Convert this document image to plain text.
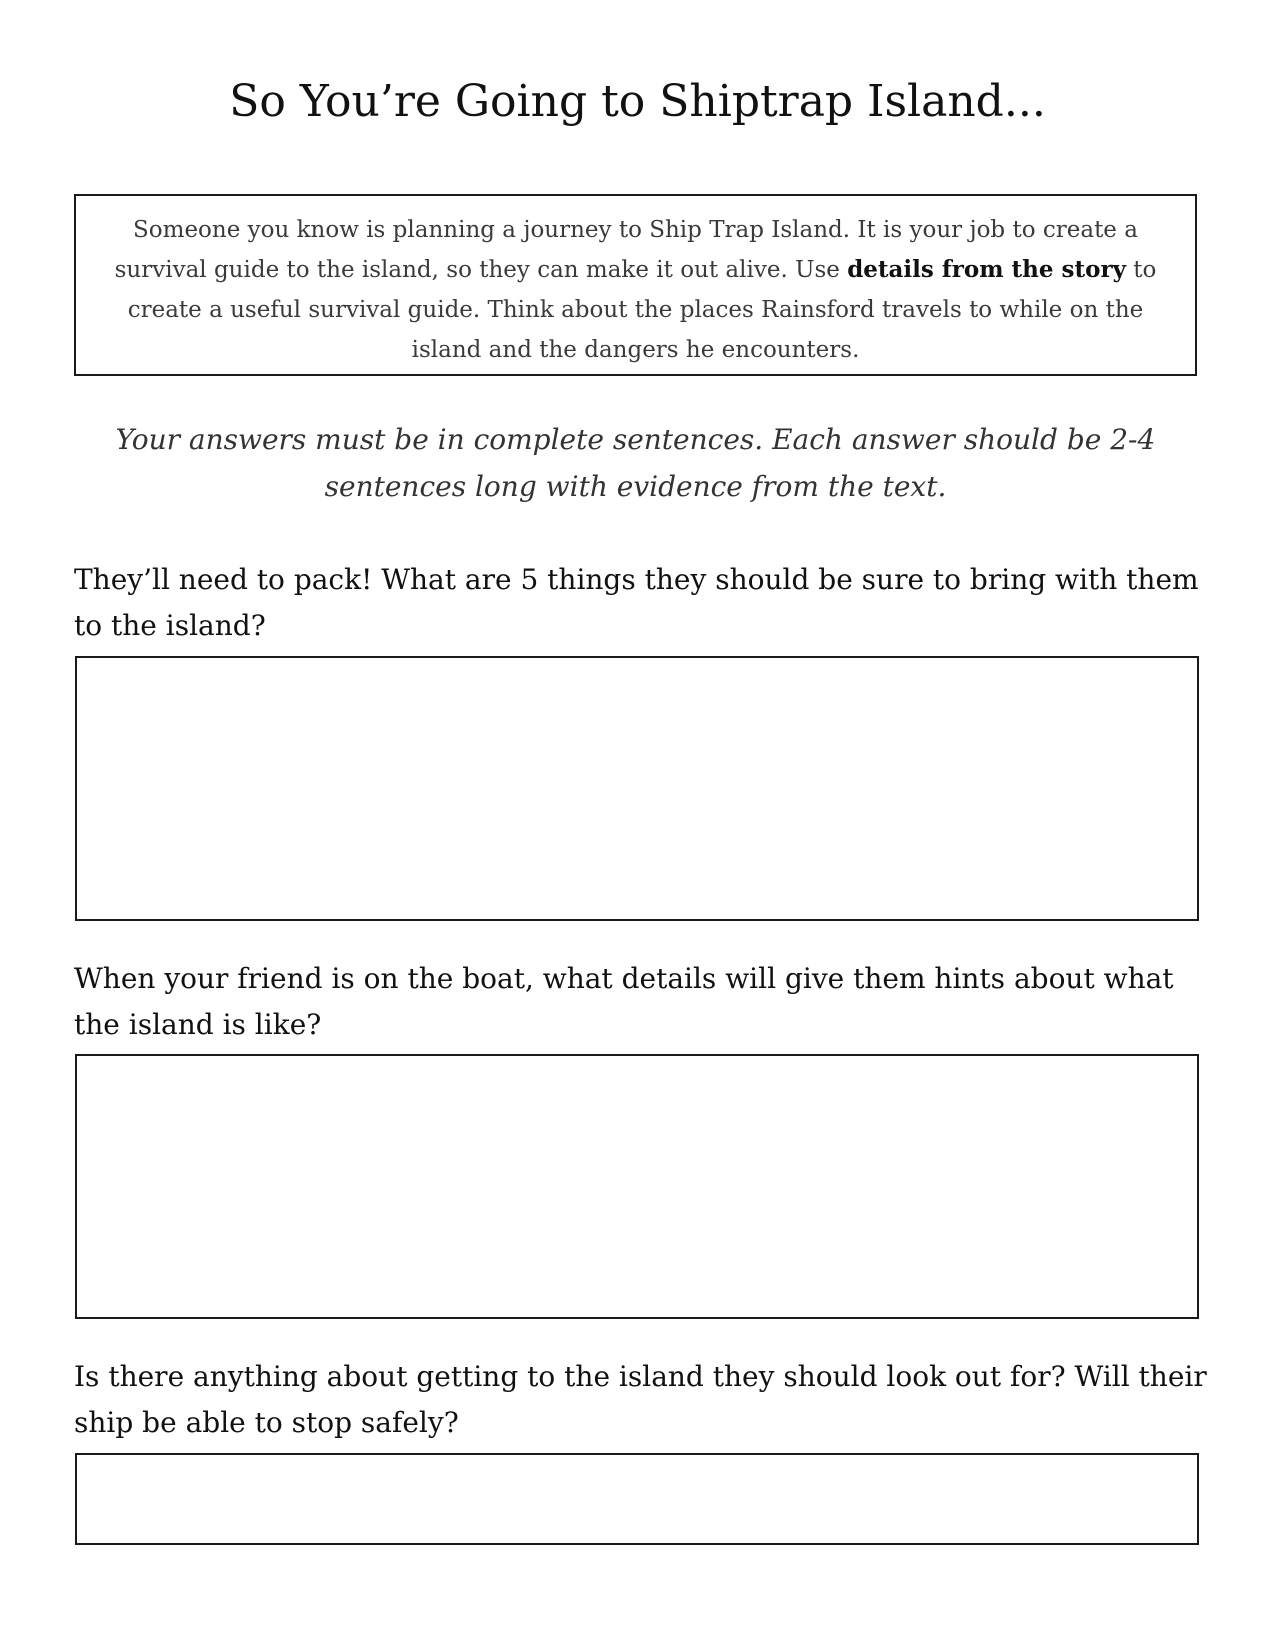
So You’re Going to Shiptrap Island...
Someone you know is planning a journey to Ship Trap Island. It is your job to create a survival guide to the island, so they can make it out alive. Use details from the story to create a useful survival guide. Think about the places Rainsford travels to while on the island and the dangers he encounters.

Your answers must be in complete sentences. Each answer should be 2-4 sentences long with evidence from the text.

They’ll need to pack! What are 5 things they should be sure to bring with them to the island?

When your friend is on the boat, what details will give them hints about what the island is like?

Is there anything about getting to the island they should look out for? Will their ship be able to stop safely?
